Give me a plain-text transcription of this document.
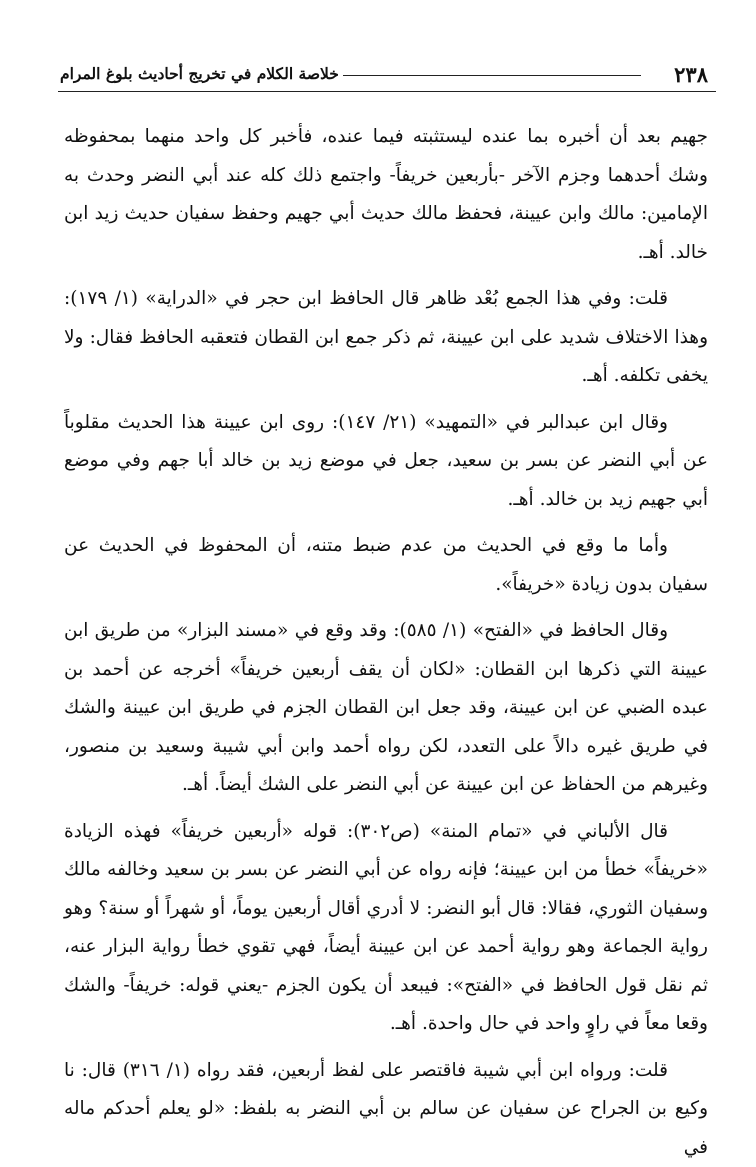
٢٣٨
خلاصة الكلام في تخريج أحاديث بلوغ المرام

جهيم بعد أن أخبره بما عنده ليستثبته فيما عنده، فأخبر كل واحد منهما بمحفوظه وشك أحدهما وجزم الآخر -بأربعين خريفاً- واجتمع ذلك كله عند أبي النضر وحدث به الإمامين: مالك وابن عيينة، فحفظ مالك حديث أبي جهيم وحفظ سفيان حديث زيد ابن خالد. أهـ.

قلت: وفي هذا الجمع بُعْد ظاهر قال الحافظ ابن حجر في «الدراية» (١/ ١٧٩): وهذا الاختلاف شديد على ابن عيينة، ثم ذكر جمع ابن القطان فتعقبه الحافظ فقال: ولا يخفى تكلفه. أهـ.

وقال ابن عبدالبر في «التمهيد» (٢١/ ١٤٧): روى ابن عيينة هذا الحديث مقلوباً عن أبي النضر عن بسر بن سعيد، جعل في موضع زيد بن خالد أبا جهم وفي موضع أبي جهيم زيد بن خالد. أهـ.

وأما ما وقع في الحديث من عدم ضبط متنه، أن المحفوظ في الحديث عن سفيان بدون زيادة «خريفاً».

وقال الحافظ في «الفتح» (١/ ٥٨٥): وقد وقع في «مسند البزار» من طريق ابن عيينة التي ذكرها ابن القطان: «لكان أن يقف أربعين خريفاً» أخرجه عن أحمد بن عبده الضبي عن ابن عيينة، وقد جعل ابن القطان الجزم في طريق ابن عيينة والشك في طريق غيره دالاً على التعدد، لكن رواه أحمد وابن أبي شيبة وسعيد بن منصور، وغيرهم من الحفاظ عن ابن عيينة عن أبي النضر على الشك أيضاً. أهـ.

قال الألباني في «تمام المنة» (ص٣٠٢): قوله «أربعين خريفاً» فهذه الزيادة «خريفاً» خطأ من ابن عيينة؛ فإنه رواه عن أبي النضر عن بسر بن سعيد وخالفه مالك وسفيان الثوري، فقالا: قال أبو النضر: لا أدري أقال أربعين يوماً، أو شهراً أو سنة؟ وهو رواية الجماعة وهو رواية أحمد عن ابن عيينة أيضاً، فهي تقوي خطأ رواية البزار عنه، ثم نقل قول الحافظ في «الفتح»: فيبعد أن يكون الجزم -يعني قوله: خريفاً- والشك وقعا معاً في راوٍ واحد في حال واحدة. أهـ.

قلت: ورواه ابن أبي شيبة فاقتصر على لفظ أربعين، فقد رواه (١/ ٣١٦) قال: نا وكيع بن الجراح عن سفيان عن سالم بن أبي النضر به بلفظ: «لو يعلم أحدكم ماله في
